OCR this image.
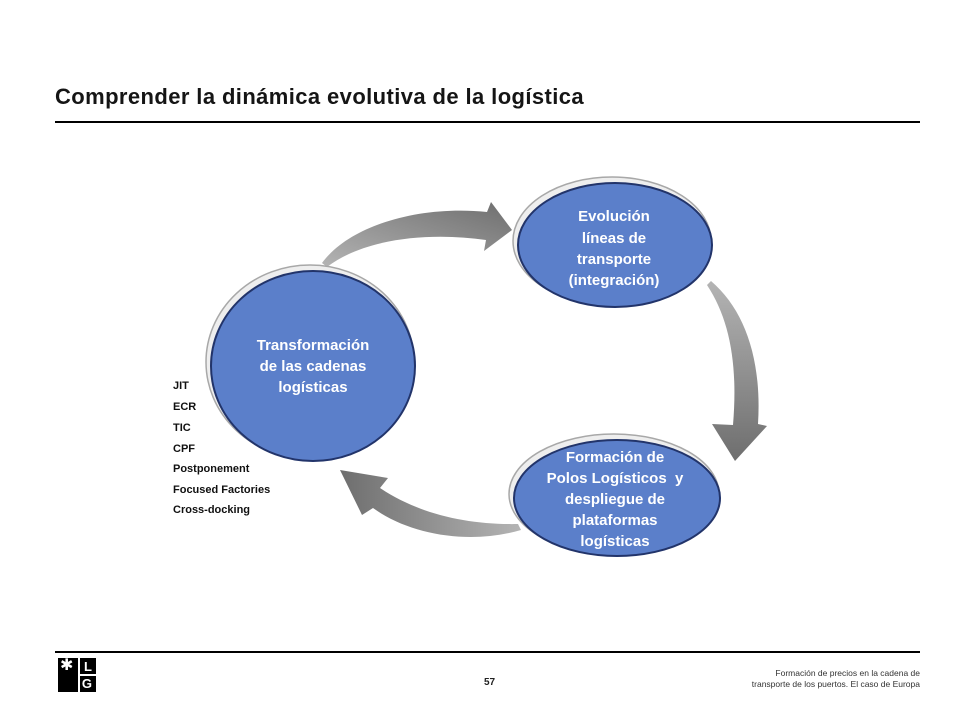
Comprender la dinámica evolutiva de la logística
Transformación
de las cadenas
logísticas
Evolución
líneas de
transporte
(integración)
Formación de
Polos Logísticos  y
despliegue de
plataformas
logísticas
JIT
ECR
TIC
CPF
Postponement
Focused Factories
Cross-docking
✱ L
G	57
Formación de precios en la cadena de
transporte de los puertos. El caso de Europa
